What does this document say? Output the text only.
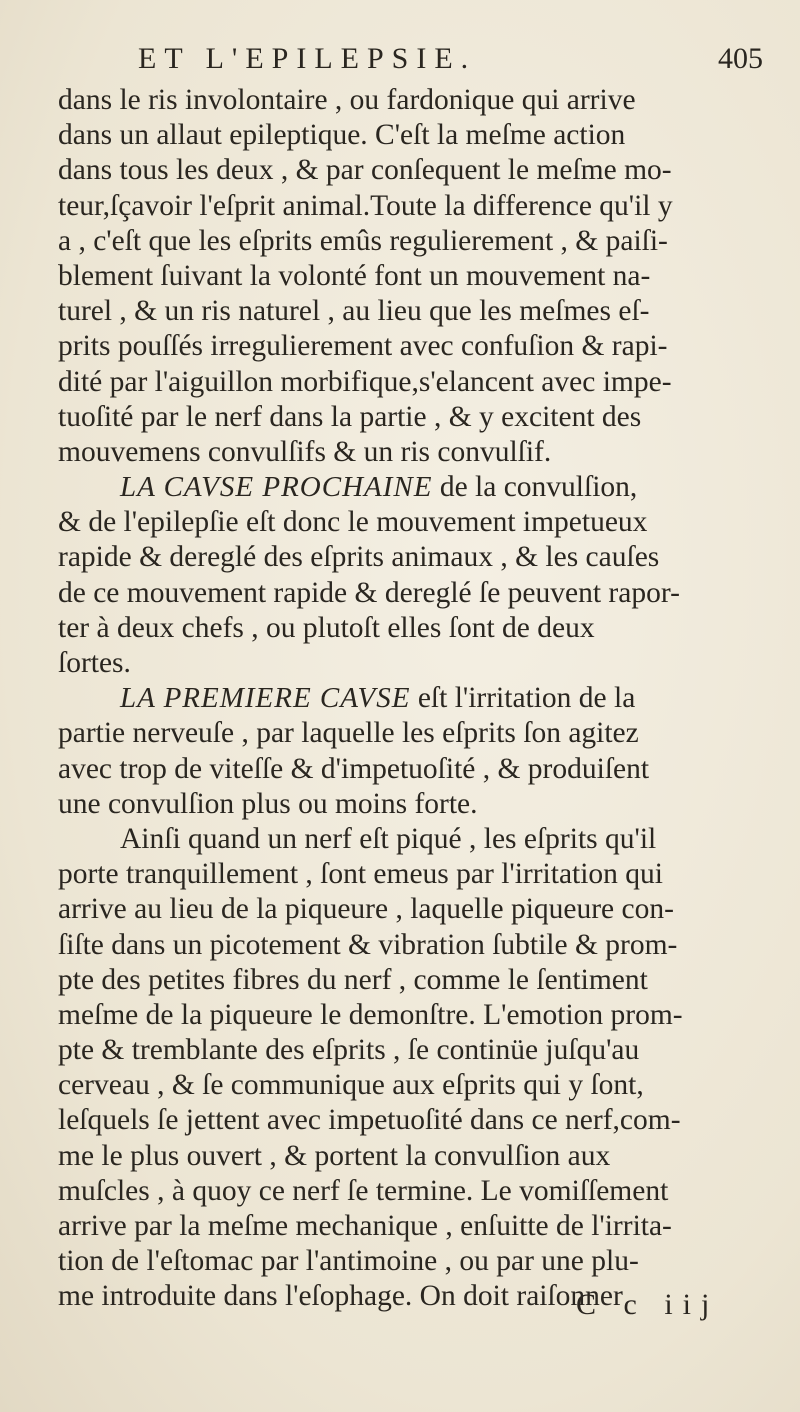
ET L'EPILEPSIE.	405
dans le ris involontaire , ou fardonique qui arrive
dans un allaut epileptique. C'eſt la meſme action
dans tous les deux , & par conſequent le meſme mo-
teur,ſçavoir l'eſprit animal.Toute la difference qu'il y
a , c'eſt que les eſprits emûs regulierement , & paiſi-
blement ſuivant la volonté font un mouvement na-
turel , & un ris naturel , au lieu que les meſmes eſ-
prits pouſſés irregulierement avec confuſion & rapi-
dité par l'aiguillon morbifique,s'elancent avec impe-
tuoſité par le nerf dans la partie , & y excitent des
mouvemens convulſifs & un ris convulſif.
LA CAVSE PROCHAINE de la convulſion,
& de l'epilepſie eſt donc le mouvement impetueux
rapide & dereglé des eſprits animaux , & les cauſes
de ce mouvement rapide & dereglé ſe peuvent rapor-
ter à deux chefs , ou plutoſt elles ſont de deux
ſortes.
LA PREMIERE CAVSE eſt l'irritation de la
partie nerveuſe , par laquelle les eſprits ſon agitez
avec trop de viteſſe & d'impetuoſité , & produiſent
une convulſion plus ou moins forte.
Ainſi quand un nerf eſt piqué , les eſprits qu'il
porte tranquillement , ſont emeus par l'irritation qui
arrive au lieu de la piqueure , laquelle piqueure con-
ſiſte dans un picotement & vibration ſubtile & prom-
pte des petites fibres du nerf , comme le ſentiment
meſme de la piqueure le demonſtre. L'emotion prom-
pte & tremblante des eſprits , ſe continüe juſqu'au
cerveau , & ſe communique aux eſprits qui y ſont,
leſquels ſe jettent avec impetuoſité dans ce nerf,com-
me le plus ouvert , & portent la convulſion aux
muſcles , à quoy ce nerf ſe termine. Le vomiſſement
arrive par la meſme mechanique , enſuitte de l'irrita-
tion de l'eſtomac par l'antimoine , ou par une plu-
me introduite dans l'eſophage. On doit raiſonner
C c iij
